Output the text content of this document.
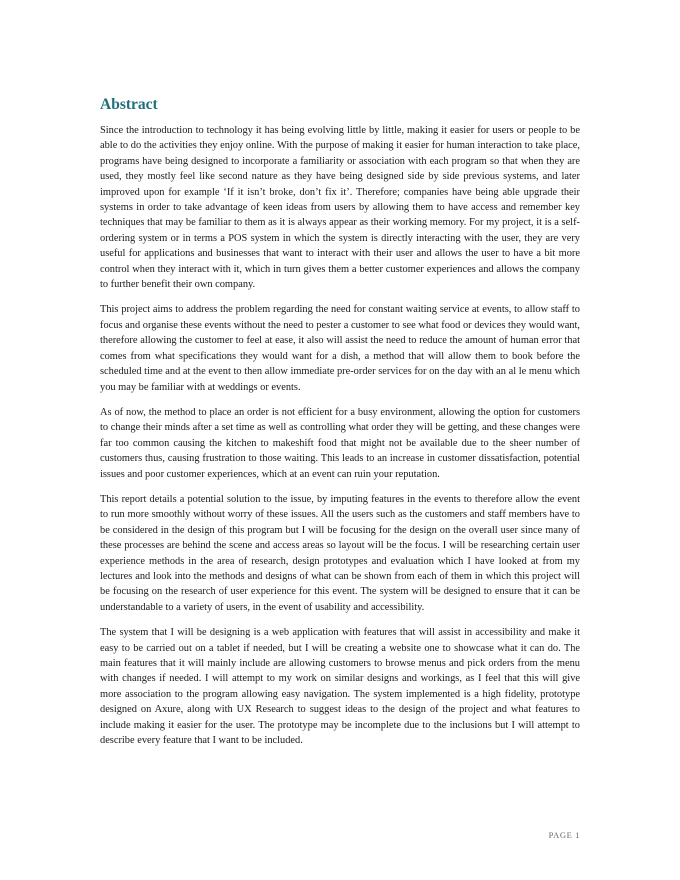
Abstract

Since the introduction to technology it has being evolving little by little, making it easier for users or people to be able to do the activities they enjoy online. With the purpose of making it easier for human interaction to take place, programs have being designed to incorporate a familiarity or association with each program so that when they are used, they mostly feel like second nature as they have being designed side by side previous systems, and later improved upon for example ‘If it isn’t broke, don’t fix it’. Therefore; companies have being able upgrade their systems in order to take advantage of keen ideas from users by allowing them to have access and remember key techniques that may be familiar to them as it is always appear as their working memory. For my project, it is a self-ordering system or in terms a POS system in which the system is directly interacting with the user, they are very useful for applications and businesses that want to interact with their user and allows the user to have a bit more control when they interact with it, which in turn gives them a better customer experiences and allows the company to further benefit their own company.

This project aims to address the problem regarding the need for constant waiting service at events, to allow staff to focus and organise these events without the need to pester a customer to see what food or devices they would want, therefore allowing the customer to feel at ease, it also will assist the need to reduce the amount of human error that comes from what specifications they would want for a dish, a method that will allow them to book before the scheduled time and at the event to then allow immediate pre-order services for on the day with an al le menu which you may be familiar with at weddings or events.

As of now, the method to place an order is not efficient for a busy environment, allowing the option for customers to change their minds after a set time as well as controlling what order they will be getting, and these changes were far too common causing the kitchen to makeshift food that might not be available due to the sheer number of customers thus, causing frustration to those waiting. This leads to an increase in customer dissatisfaction, potential issues and poor customer experiences, which at an event can ruin your reputation.

This report details a potential solution to the issue, by imputing features in the events to therefore allow the event to run more smoothly without worry of these issues. All the users such as the customers and staff members have to be considered in the design of this program but I will be focusing for the design on the overall user since many of these processes are behind the scene and access areas so layout will be the focus. I will be researching certain user experience methods in the area of research, design prototypes and evaluation which I have looked at from my lectures and look into the methods and designs of what can be shown from each of them in which this project will be focusing on the research of user experience for this event. The system will be designed to ensure that it can be understandable to a variety of users, in the event of usability and accessibility.

The system that I will be designing is a web application with features that will assist in accessibility and make it easy to be carried out on a tablet if needed, but I will be creating a website one to showcase what it can do. The main features that it will mainly include are allowing customers to browse menus and pick orders from the menu with changes if needed. I will attempt to my work on similar designs and workings, as I feel that this will give more association to the program allowing easy navigation. The system implemented is a high fidelity, prototype designed on Axure, along with UX Research to suggest ideas to the design of the project and what features to include making it easier for the user. The prototype may be incomplete due to the inclusions but I will attempt to describe every feature that I want to be included.

PAGE 1
